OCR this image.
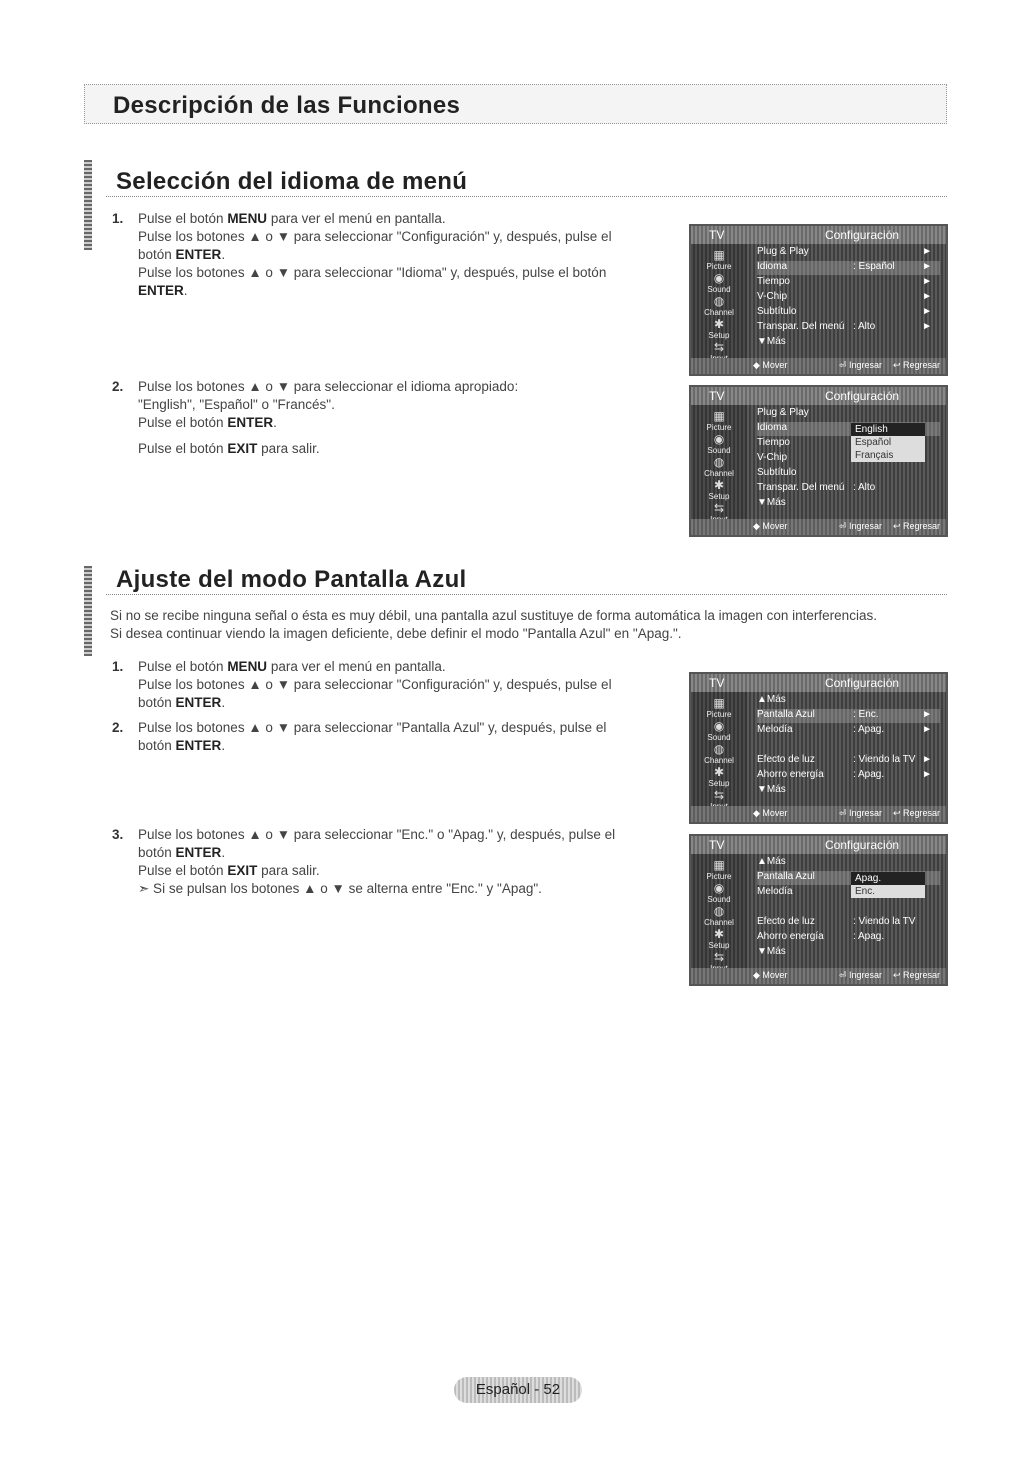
Descripción de las Funciones
Selección del idioma de menú
1. Pulse el botón MENU para ver el menú en pantalla.

Pulse los botones ▲ o ▼ para seleccionar "Configuración" y, después, pulse el

botón ENTER.

Pulse los botones ▲ o ▼ para seleccionar "Idioma" y, después, pulse el botón

ENTER.

2. Pulse los botones ▲ o ▼ para seleccionar el idioma apropiado:

"English", "Español" o "Francés".

Pulse el botón ENTER.

Pulse el botón EXIT para salir.

Ajuste del modo Pantalla Azul

Si no se recibe ninguna señal o ésta es muy débil, una pantalla azul sustituye de forma automática la imagen con interferencias.

Si desea continuar viendo la imagen deficiente, debe definir el modo "Pantalla Azul" en "Apag.".

1. Pulse el botón MENU para ver el menú en pantalla.

Pulse los botones ▲ o ▼ para seleccionar "Configuración" y, después, pulse el

botón ENTER.

2. Pulse los botones ▲ o ▼ para seleccionar "Pantalla Azul" y, después, pulse el

botón ENTER.

3. Pulse los botones ▲ o ▼ para seleccionar "Enc." o "Apag." y, después, pulse el

botón ENTER.

Pulse el botón EXIT para salir.

➣ Si se pulsan los botones ▲ o ▼ se alterna entre "Enc." y "Apag".

TV	Configuración
▦
Picture
◉
Sound
◍
Channel
✱
Setup
⇆
Plug & Play	►
Idioma	: Español	►
Tiempo	►
V-Chip	►
Subtítulo	►
Transpar. Del menú : Alto	►
▼Más
◆ Mover	⏎ Ingresar ↩ Regresar
TV	Configuración
▦
Picture
◉
Sound
◍
Channel
✱
Setup
⇆
Plug & Play
Idioma
Tiempo
V-Chip
Subtítulo
Transpar. Del menú : Alto
▼Más
English
Español
Français
◆ Mover	⏎ Ingresar ↩ Regresar
TV	Configuración
▦
Picture
◉
Sound
◍
Channel
✱
Setup
⇆
▲Más
Pantalla Azul	: Enc.	►
Melodía	: Apag.	►
Efecto de luz	: Viendo la TV ►
Ahorro energía	: Apag.	►
▼Más
◆ Mover	⏎ Ingresar ↩ Regresar
TV	Configuración
▦
Picture
◉
Sound
◍
Channel
✱
Setup
⇆
▲Más
Pantalla Azul
Melodía
Efecto de luz	: Viendo la TV
Ahorro energía	: Apag.
▼Más
Apag.
Enc.
◆ Mover	⏎ Ingresar ↩ Regresar
Español - 52
